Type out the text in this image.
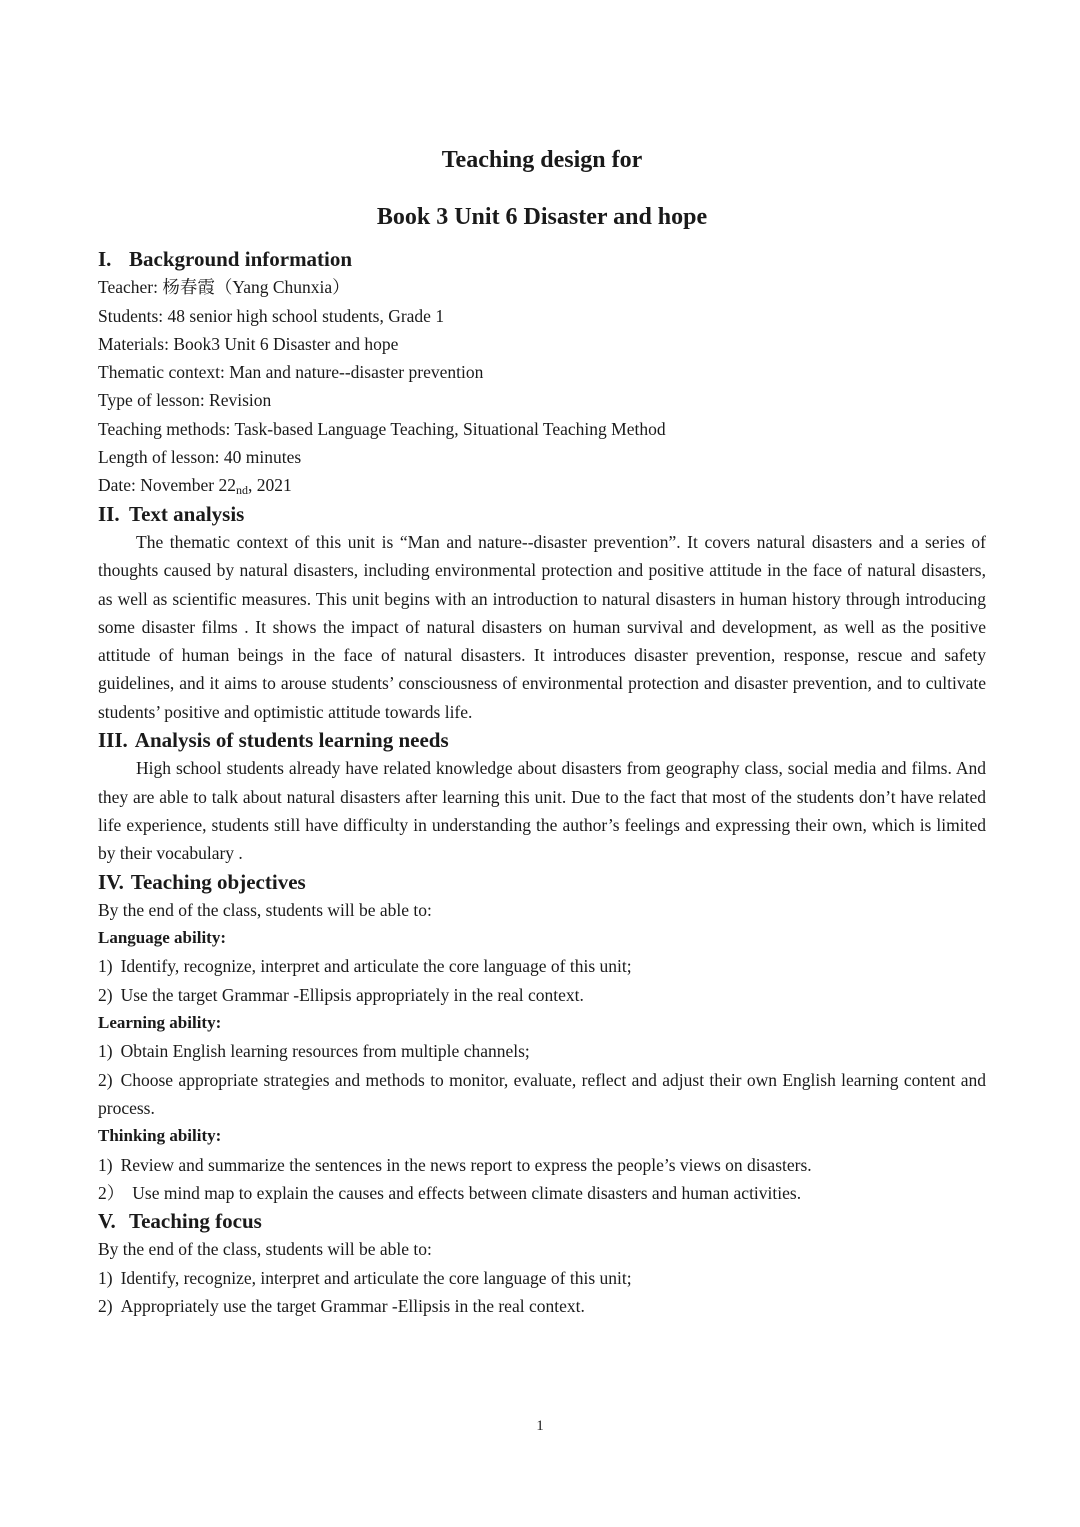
Teaching design for
Book 3 Unit 6 Disaster and hope
I. Background information

Teacher: 杨春霞（Yang Chunxia）

Students: 48 senior high school students, Grade 1

Materials: Book3 Unit 6 Disaster and hope

Thematic context: Man and nature--disaster prevention

Type of lesson: Revision

Teaching methods: Task-based Language Teaching, Situational Teaching Method

Length of lesson: 40 minutes

Date: November $22_{nd}$, 2021

II. Text analysis

The thematic context of this unit is “Man and nature--disaster prevention”. It covers natural disasters and a series of thoughts caused by natural disasters, including environmental protection and positive attitude in the face of natural disasters, as well as scientific measures. This unit begins with an introduction to natural disasters in human history through introducing some disaster films . It shows the impact of natural disasters on human survival and development, as well as the positive attitude of human beings in the face of natural disasters. It introduces disaster prevention, response, rescue and safety guidelines, and it aims to arouse students’ consciousness of environmental protection and disaster prevention, and to cultivate students’ positive and optimistic attitude towards life.

III. Analysis of students learning needs

High school students already have related knowledge about disasters from geography class, social media and films. And they are able to talk about natural disasters after learning this unit. Due to the fact that most of the students don’t have related life experience, students still have difficulty in understanding the author’s feelings and expressing their own, which is limited by their vocabulary .

IV. Teaching objectives

By the end of the class, students will be able to:

Language ability:

1) Identify, recognize, interpret and articulate the core language of this unit;

2) Use the target Grammar -Ellipsis appropriately in the real context.

Learning ability:

1) Obtain English learning resources from multiple channels;

2) Choose appropriate strategies and methods to monitor, evaluate, reflect and adjust their own English learning content and process.

Thinking ability:

1) Review and summarize the sentences in the news report to express the people’s views on disasters.

2） Use mind map to explain the causes and effects between climate disasters and human activities.

V. Teaching focus

By the end of the class, students will be able to:

1) Identify, recognize, interpret and articulate the core language of this unit;

2) Appropriately use the target Grammar -Ellipsis in the real context.

1
